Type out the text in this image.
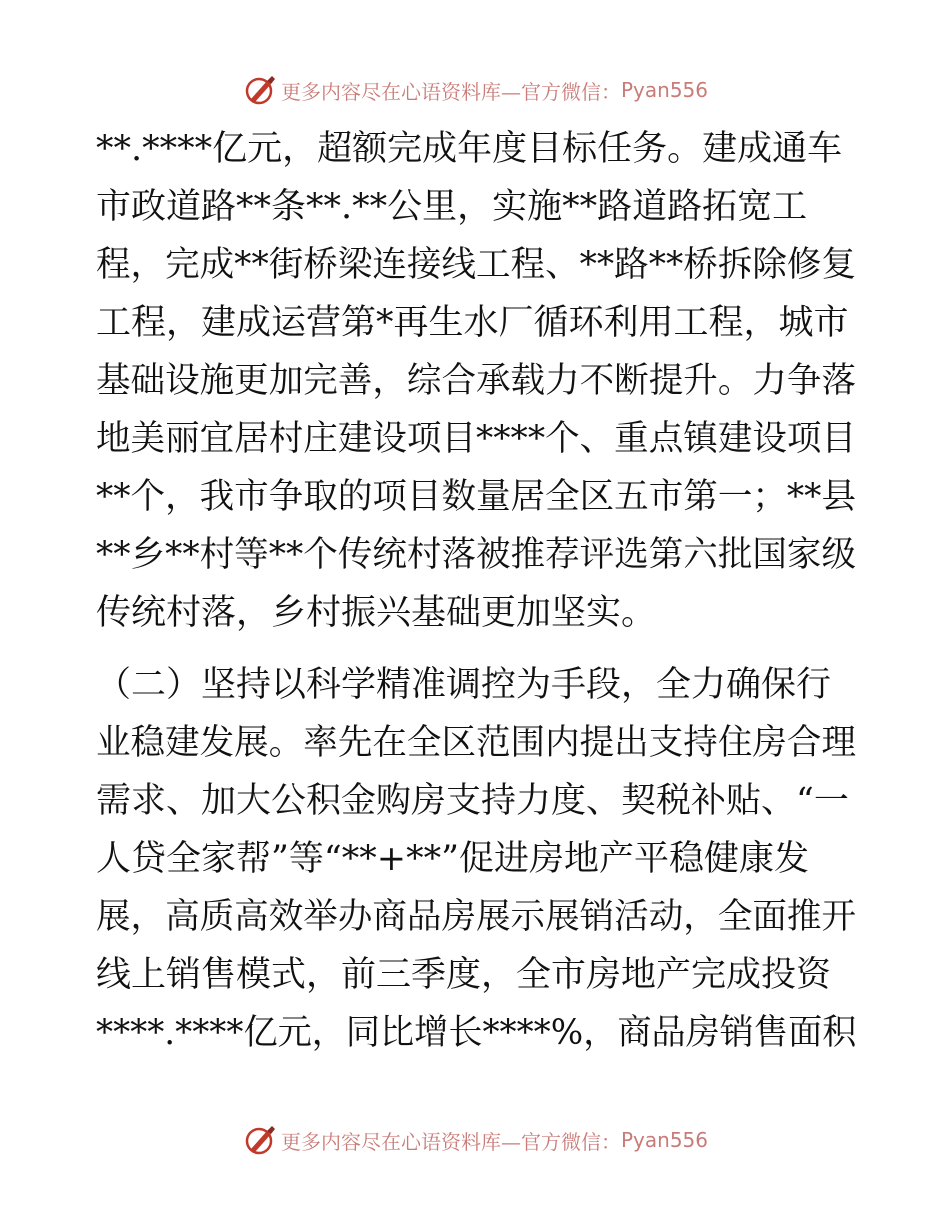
更多内容尽在心语资料库—官方微信： Pyan556
**.****亿元，超额完成年度目标任务。建成通车
市政道路**条**.**公里，实施**路道路拓宽工
程，完成**街桥梁连接线工程、**路**桥拆除修复
工程，建成运营第*再生水厂循环利用工程，城市
基础设施更加完善，综合承载力不断提升。力争落
地美丽宜居村庄建设项目****个、重点镇建设项目
**个，我市争取的项目数量居全区五市第一；**县
**乡**村等**个传统村落被推荐评选第六批国家级
传统村落，乡村振兴基础更加坚实。
（二）坚持以科学精准调控为手段，全力确保行
业稳建发展。率先在全区范围内提出支持住房合理
需求、加大公积金购房支持力度、契税补贴、“一
人贷全家帮”等“**+**”促进房地产平稳健康发
展，高质高效举办商品房展示展销活动，全面推开
线上销售模式，前三季度，全市房地产完成投资
****.****亿元，同比增长****%，商品房销售面积
更多内容尽在心语资料库—官方微信： Pyan556
